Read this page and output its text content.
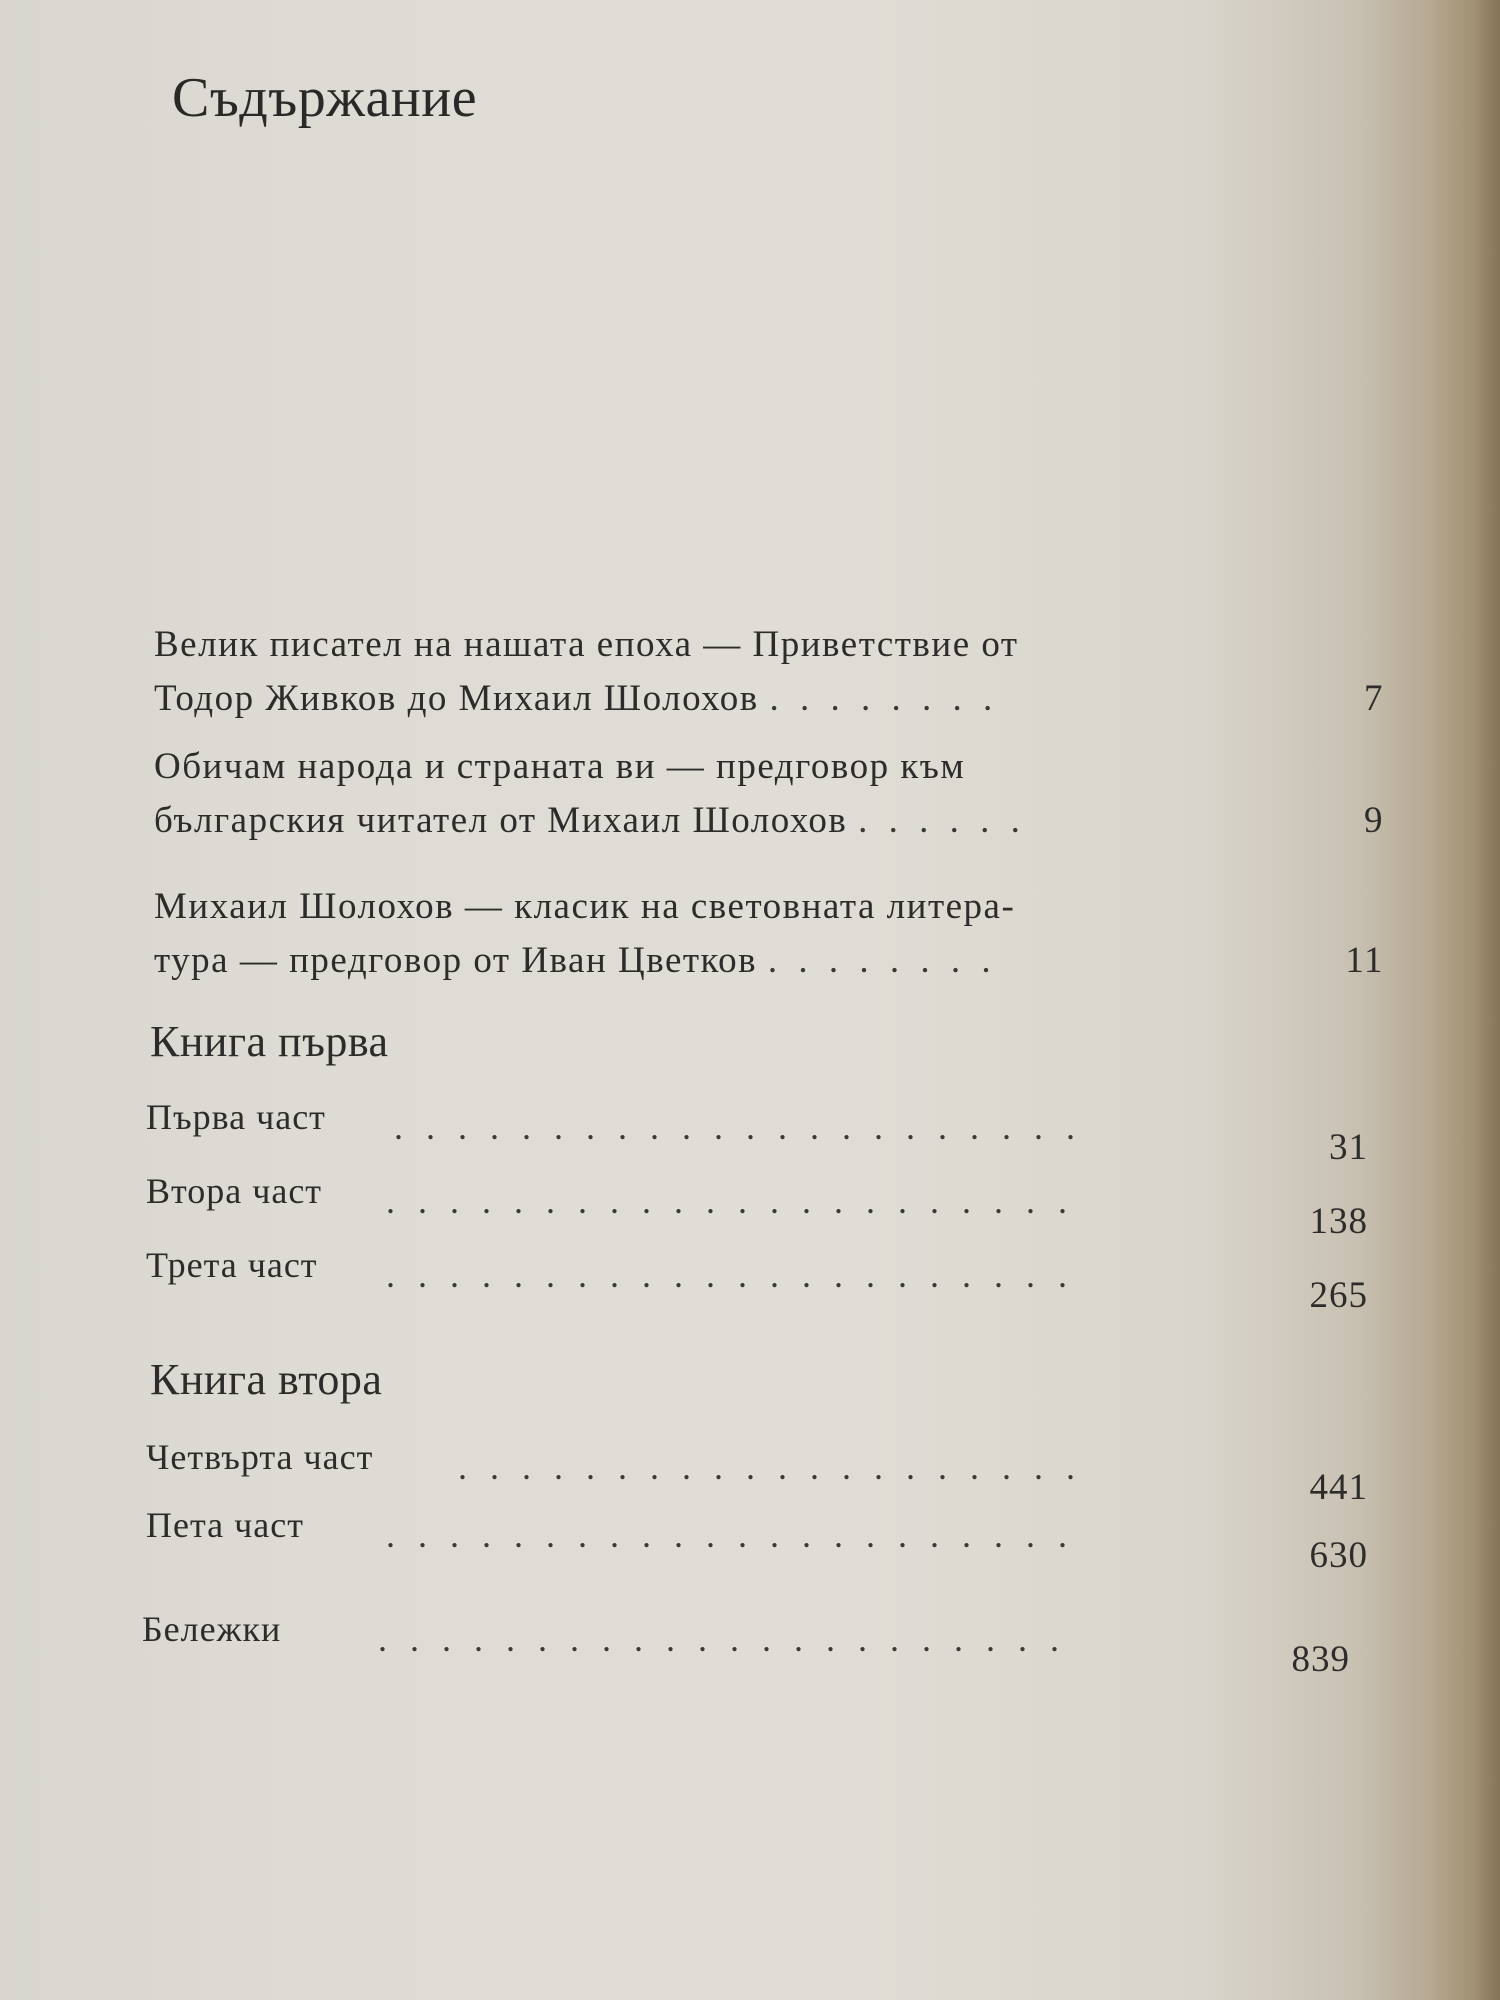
Съдържание
Велик писател на нашата епоха — Приветствие от
Тодор Живков до Михаил Шолохов . . . . . . . .	7
Обичам народа и страната ви — предговор към
българския читател от Михаил Шолохов . . . . . .	9
Михаил Шолохов — класик на световната литера-
тура — предговор от Иван Цветков . . . . . . . .	11
Книга първа
Първа част . . . . . . . . . . . . . . . . . . . . . .	31
Втора част . . . . . . . . . . . . . . . . . . . . . .	138
Трета част . . . . . . . . . . . . . . . . . . . . . .	265
Книга втора
Четвърта част . . . . . . . . . . . . . . . . . . . .	441
Пета част . . . . . . . . . . . . . . . . . . . . . .	630
Бележки	. . . . . . . . . . . . . . . . . . . . . .	839
